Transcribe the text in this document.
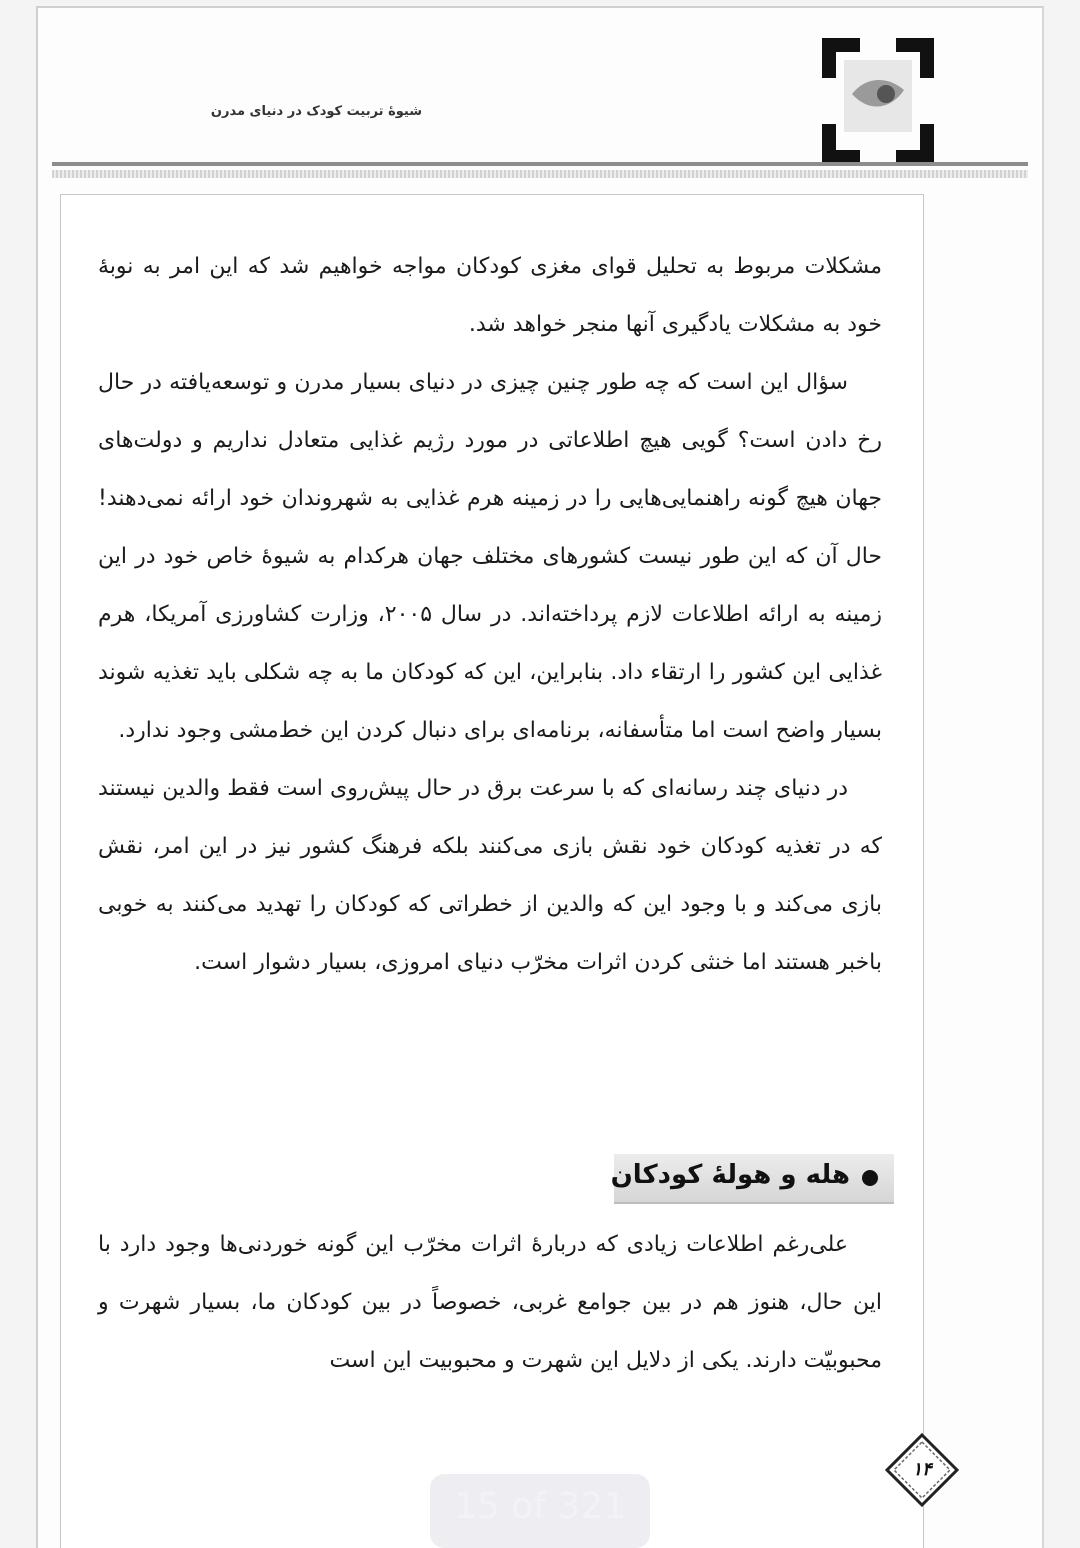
شیوهٔ تربیت کودک در دنیای مدرن

مشکلات مربوط به تحلیل قوای مغزی کودکان مواجه خواهیم شد که این امر به نوبهٔ خود به مشکلات یادگیری آنها منجر خواهد شد.

سؤال این است که چه طور چنین چیزی در دنیای بسیار مدرن و توسعه‌یافته در حال رخ دادن است؟ گویی هیچ اطلاعاتی در مورد رژیم غذایی متعادل نداریم و دولت‌های جهان هیچ گونه راهنمایی‌هایی را در زمینه هرم غذایی به شهروندان خود ارائه نمی‌دهند! حال آن که این طور نیست کشورهای مختلف جهان هرکدام به شیوهٔ خاص خود در این زمینه به ارائه اطلاعات لازم پرداخته‌اند. در سال ۲۰۰۵، وزارت کشاورزی آمریکا، هرم غذایی این کشور را ارتقاء داد. بنابراین، این که کودکان ما به چه شکلی باید تغذیه شوند بسیار واضح است اما متأسفانه، برنامه‌ای برای دنبال کردن این خط‌مشی وجود ندارد.

در دنیای چند رسانه‌ای که با سرعت برق در حال پیش‌روی است فقط والدین نیستند که در تغذیه کودکان خود نقش بازی می‌کنند بلکه فرهنگ کشور نیز در این امر، نقش بازی می‌کند و با وجود این که والدین از خطراتی که کودکان را تهدید می‌کنند به خوبی باخبر هستند اما خنثی کردن اثرات مخرّب دنیای امروزی، بسیار دشوار است.

هله و هولهٔ کودکان

علی‌رغم اطلاعات زیادی که دربارهٔ اثرات مخرّب این گونه خوردنی‌ها وجود دارد با این حال، هنوز هم در بین جوامع غربی، خصوصاً در بین کودکان ما، بسیار شهرت و محبوبیّت دارند. یکی از دلایل این شهرت و محبوبیت این است

۱۴
15 of 321
